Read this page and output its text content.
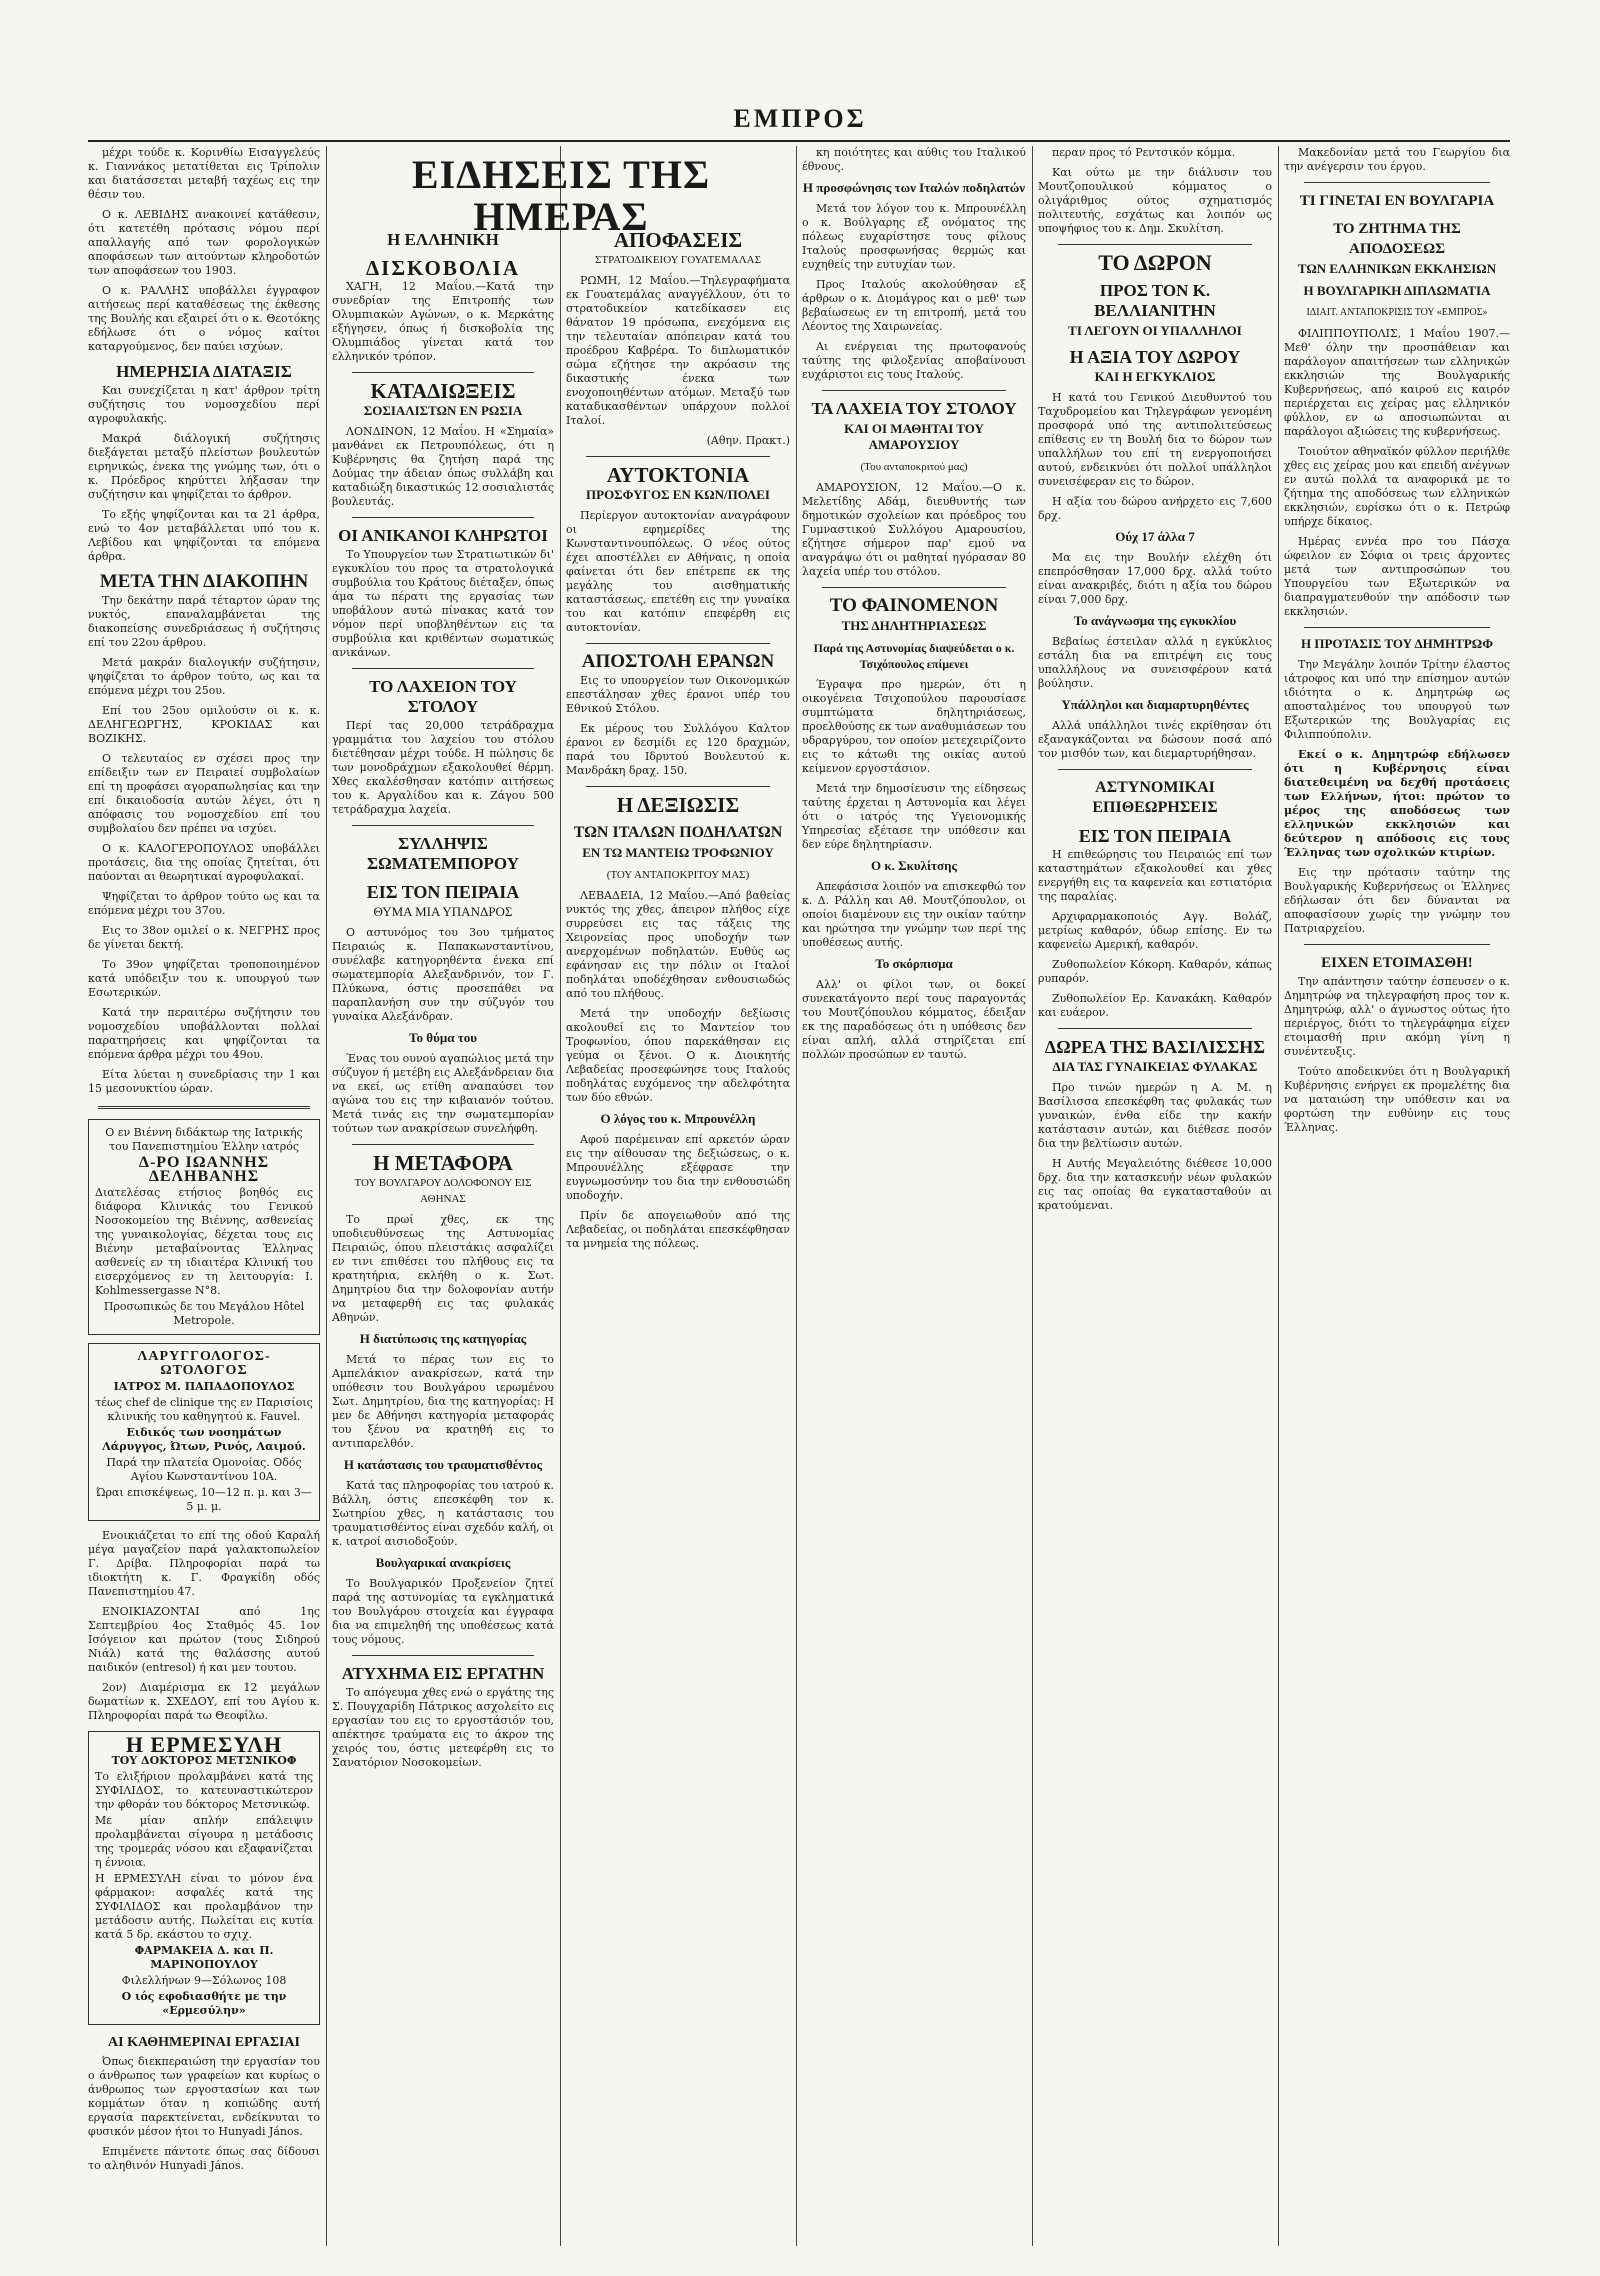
ΕΜΠΡΟΣ

μέχρι τούδε κ. Κορινθίω Εισαγγελεύς κ. Γιαννάκος μετατίθεται εις Τρίπολιν και διατάσσεται μεταβή ταχέως εις την θέσιν του.

Ο κ. ΛΕΒΙΔΗΣ ανακοινεί κατάθεσιν, ότι κατετέθη πρότασις νόμου περί απαλλαγής από των φορολογικών αποφάσεων των αιτούντων κληροδοτών των αποφάσεων του 1903.

Ο κ. ΡΑΛΛΗΣ υποβάλλει έγγραφον αιτήσεως περί καταθέσεως της έκθεσης της Βουλής και εξαιρεί ότι ο κ. Θεοτόκης εδήλωσε ότι ο νόμος καίτοι καταργούμενος, δεν παύει ισχύων.

ΗΜΕΡΗΣΙΑ ΔΙΑΤΑΞΙΣ

Και συνεχίζεται η κατ' άρθρον τρίτη συζήτησις του νομοσχεδίου περί αγροφυλακής.

Μακρά διάλογική συζήτησις διεξάγεται μεταξύ πλείστων βουλευτών ειρηνικώς, ένεκα της γνώμης των, ότι ο κ. Πρόεδρος κηρύττει λήξασαν την συζήτησιν και ψηφίζεται το άρθρον.

Το εξής ψηφίζονται και τα 21 άρθρα, ενώ το 4ον μεταβάλλεται υπό του κ. Λεβίδου και ψηφίζονται τα επόμενα άρθρα.

ΜΕΤΑ ΤΗΝ ΔΙΑΚΟΠΗΝ

Την δεκάτην παρά τέταρτον ώραν της νυκτός, επαναλαμβάνεται της διακοπείσης συνεδριάσεως ή συζήτησις επί του 22ου άρθρου.

Μετά μακράν διαλογικήν συζήτησιν, ψηφίζεται το άρθρον τούτο, ως και τα επόμενα μέχρι του 25ου.

Επί του 25ου ομιλούσιν οι κ. κ. ΔΕΛΗΓΕΩΡΓΗΣ, ΚΡΟΚΙΔΑΣ και ΒΟΖΙΚΗΣ.

Ο τελευταίος εν σχέσει προς την επίδειξιν των εν Πειραιεί συμβολαίων επί τη προφάσει αγοραπωλησίας και την επί δικαιοδοσία αυτών λέγει, ότι η απόφασις του νομοσχεδίου επί του συμβολαίου δεν πρέπει να ισχύει.

Ο κ. ΚΑΛΟΓΕΡΟΠΟΥΛΟΣ υποβάλλει προτάσεις, δια της οποίας ζητείται, ότι παύονται αι θεωρητικαί αγροφυλακαί.

Ψηφίζεται το άρθρον τούτο ως και τα επόμενα μέχρι του 37ου.

Εις το 38ον ομιλεί ο κ. ΝΕΓΡΗΣ προς δε γίνεται δεκτή.

Το 39ον ψηφίζεται τροποποιημένον κατά υπόδειξιν του κ. υπουργού των Εσωτερικών.

Κατά την περαιτέρω συζήτησιν του νομοσχεδίου υποβάλλονται πολλαί παρατηρήσεις και ψηφίζονται τα επόμενα άρθρα μέχρι του 49ου.

Είτα λύεται η συνεδρίασις την 1 και 15 μεσονυκτίου ώραν.

Ο εν Βιέννη διδάκτωρ της Ιατρικής του Πανεπιστημίου Έλλην ιατρός
Δ-ΡΟ ΙΩΑΝΝΗΣ ΔΕΛΗΒΑΝΗΣ
Διατελέσας ετήσιος βοηθός εις διάφορα Κλινικάς του Γενικού Νοσοκομείου της Βιέννης, ασθενείας της γυναικολογίας, δέχεται τους εις Βιένην μεταβαίνοντας Έλληνας ασθενείς εν τη ιδιαιτέρα Κλινική του εισερχόμενος εν τη λειτουργία: I. Kohlmessergasse N°8.
Προσωπικώς δε του Μεγάλου Hôtel Metropole.
ΛΑΡΥΓΓΟΛΟΓΟΣ-ΩΤΟΛΟΓΟΣ
ΙΑΤΡΟΣ Μ. ΠΑΠΑΔΟΠΟΥΛΟΣ
τέως chef de clinique της εν Παρισίοις κλινικής του καθηγητού κ. Fauvel.
Ειδικός των νοσημάτων Λάρυγγος, Ώτων, Ρινός, Λαιμού.
Παρά την πλατεία Ομονοίας. Οδός Αγίου Κωνσταντίνου 10Α.
Ώραι επισκέψεως, 10—12 π. μ. και 3—5 μ. μ.

Ενοικιάζεται το επί της οδού Καραλή μέγα μαγαζείον παρά γαλακτοπωλείον Γ. Δρίβα. Πληροφορίαι παρά τω ιδιοκτήτη κ. Γ. Φραγκίδη οδός Πανεπιστημίου 47.

ΕΝΟΙΚΙΑΖΟΝΤΑΙ από 1ης Σεπτεμβρίου 4ος Σταθμός 45. 1ον Ισόγειον και πρώτον (τους Σιδηρού Νιάλ) κατά της θαλάσσης αυτού παιδικόν (entresol) ή και μεν τουτου.

2ον) Διαμέρισμα εκ 12 μεγάλων δωματίων κ. ΣΧΕΔΟΥ, επί του Αγίου κ. Πληροφορίαι παρά τω Θεοφίλω.

Η ΕΡΜΕΣΥΛΗ
ΤΟΥ ΔΟΚΤΟΡΟΣ ΜΕΤΣΝΙΚΟΦ
Το ελιξήριον προλαμβάνει κατά της ΣΥΦΙΛΙΔΟΣ, το κατευναστικώτερον την φθοράν του δόκτορος Μετσνικώφ.
Με μίαν απλήν επάλειψιν προλαμβάνεται σίγουρα η μετάδοσις της τρομεράς νόσου και εξαφανίζεται η έννοια.
Η ΕΡΜΕΣΥΛΗ είναι το μόνον ένα φάρμακον: ασφαλές κατά της ΣΥΦΙΛΙΔΟΣ και προλαμβάνον την μετάδοσιν αυτής. Πωλείται εις κυτία κατά 5 δρ. εκάστου το σχιχ.
ΦΑΡΜΑΚΕΙΑ Δ. και Π. ΜΑΡΙΝΟΠΟΥΛΟΥ
Φιλελλήνων 9—Σόλωνος 108
Ο ιός εφοδιασθήτε με την «Ερμεσύλην»
ΑΙ ΚΑΘΗΜΕΡΙΝΑΙ ΕΡΓΑΣΙΑΙ

Όπως διεκπεραιώση την εργασίαν του ο άνθρωπος των γραφείων και κυρίως ο άνθρωπος των εργοστασίων και των κομμάτων όταν η κοπιώδης αυτή εργασία παρεκτείνεται, ενδείκνυται το φυσικόν μέσον ήτοι το Hunyadi János.

Επιμένετε πάντοτε όπως σας δίδουσι το αληθινόν Hunyadi János.

ΕΙΔΗΣΕΙΣ ΤΗΣ ΗΜΕΡΑΣ
Η ΕΛΛΗΝΙΚΗ
ΔΙΣΚΟΒΟΛΙΑ

ΧΑΓΗ, 12 Μαΐου.—Κατά την συνεδρίαν της Επιτροπής των Ολυμπιακών Αγώνων, ο κ. Μερκάτης εξήγησεν, όπως ή δισκοβολία της Ολυμπιάδος γίνεται κατά τον ελληνικόν τρόπον.

ΚΑΤΑΔΙΩΞΕΙΣ
ΣΟΣΙΑΛΙΣΤΩΝ ΕΝ ΡΩΣΙΑ

ΛΟΝΔΙΝΟΝ, 12 Μαΐου. Η «Σημαία» μανθάνει εκ Πετρουπόλεως, ότι η Κυβέρνησις θα ζητήση παρά της Δούμας την άδειαν όπως συλλάβη και καταδιώξη δικαστικώς 12 σοσιαλιστάς βουλευτάς.

ΟΙ ΑΝΙΚΑΝΟΙ ΚΛΗΡΩΤΟΙ

Το Υπουργείον των Στρατιωτικών δι' εγκυκλίου του προς τα στρατολογικά συμβούλια του Κράτους διέταξεν, όπως άμα τω πέρατι της εργασίας των υποβάλουν αυτώ πίνακας κατά τον νόμον περί υποβληθέντων εις τα συμβούλια και κριθέντων σωματικώς ανικάνων.

ΤΟ ΛΑΧΕΙΟΝ ΤΟΥ ΣΤΟΛΟΥ

Περί τας 20,000 τετράδραχμα γραμμάτια του λαχείου του στόλου διετέθησαν μέχρι τούδε. Η πώλησις δε των μονοδράχμων εξακολουθεί θέρμη. Χθες εκαλέσθησαν κατόπιν αιτήσεως του κ. Αργαλίδου και κ. Ζάγου 500 τετράδραχμα λαχεία.

ΣΥΛΛΗΨΙΣ ΣΩΜΑΤΕΜΠΟΡΟΥ
ΕΙΣ ΤΟΝ ΠΕΙΡΑΙΑ
ΘΥΜΑ ΜΙΑ ΥΠΑΝΔΡΟΣ

Ο αστυνόμος του 3ου τμήματος Πειραιώς κ. Παπακωνσταντίνου, συνέλαβε κατηγορηθέντα ένεκα επί σωματεμπορία Αλεξανδρινόν, τον Γ. Πλύκωνα, όστις προσεπάθει να παραπλανήση συν την σύζυγόν του γυναίκα Αλεξάνδραν.

Το θύμα του

Ένας του ουνού αγαπώλιος μετά την σύζυγον ή μετέβη εις Αλεξάνδρειαν δια να εκεί, ως ετίθη αναπαύσει τον αγώνα του εις την κιβαιανόν τούτου. Μετά τινάς εις την σωματεμπορίαν τούτων των ανακρίσεων συνελήφθη.

Η ΜΕΤΑΦΟΡΑ
ΤΟΥ ΒΟΥΛΓΑΡΟΥ ΔΟΛΟΦΟΝΟΥ ΕΙΣ ΑΘΗΝΑΣ

Το πρωί χθες, εκ της υποδιευθύνσεως της Αστυνομίας Πειραιώς, όπου πλειστάκις ασφαλίζει εν τινι επιθέσει του πλήθους εις τα κρατητήρια, εκλήθη ο κ. Σωτ. Δημητρίου δια την δολοφονίαν αυτήν να μεταφερθή εις τας φυλακάς Αθηνών.

Η διατύπωσις της κατηγορίας

Μετά το πέρας των εις το Αμπελάκιον ανακρίσεων, κατά την υπόθεσιν του Βουλγάρου ιερωμένου Σωτ. Δημητρίου, δια της κατηγορίας: Η μεν δε Αθήνησι κατηγορία μεταφοράς του ξένου να κρατηθή εις το αντιπαρελθόν.

Η κατάστασις του τραυματισθέντος

Κατά τας πληροφορίας του ιατρού κ. Βάλλη, όστις επεσκέφθη τον κ. Σωτηρίου χθες, η κατάστασις του τραυματισθέντος είναι σχεδόν καλή, οι κ. ιατροί αισιοδοξούν.

Βουλγαρικαί ανακρίσεις

Το Βουλγαρικόν Προξενείον ζητεί παρά της αστυνομίας τα εγκληματικά του Βουλγάρου στοιχεία και έγγραφα δια να επιμεληθή της υποθέσεως κατά τους νόμους.

ΑΤΥΧΗΜΑ ΕΙΣ ΕΡΓΑΤΗΝ

Το απόγευμα χθες ενώ ο εργάτης της Σ. Πουγχαρίδη Πάτρικος ασχολείτο εις εργασίαν του εις το εργοστάσιόν του, απέκτησε τραύματα εις το άκρον της χειρός του, όστις μετεφέρθη εις το Σανατόριον Νοσοκομείων.

ΑΠΟΦΑΣΕΙΣ
ΣΤΡΑΤΟΔΙΚΕΙΟΥ ΓΟΥΑΤΕΜΑΛΑΣ

ΡΩΜΗ, 12 Μαΐου.—Τηλεγραφήματα εκ Γουατεμάλας αναγγέλλουν, ότι το στρατοδικείον κατεδίκασεν εις θάνατον 19 πρόσωπα, ενεχόμενα εις την τελευταίαν απόπειραν κατά του προέδρου Καβρέρα. Το διπλωματικόν σώμα εζήτησε την ακρόασιν της δικαστικής ένεκα των ενοχοποιηθέντων ατόμων. Μεταξύ των καταδικασθέντων υπάρχουν πολλοί Ιταλοί.

(Αθην. Πρακτ.)

ΑΥΤΟΚΤΟΝΙΑ
ΠΡΟΣΦΥΓΟΣ ΕΝ ΚΩΝ/ΠΟΛΕΙ

Περίεργον αυτοκτονίαν αναγράφουν οι εφημερίδες της Κωνσταντινουπόλεως. Ο νέος ούτος έχει αποστέλλει εν Αθήναις, η οποία φαίνεται ότι δεν επέτρεπε εκ της μεγάλης του αισθηματικής καταστάσεως, επετέθη εις την γυναίκα του και κατόπιν επεφέρθη εις αυτοκτονίαν.

ΑΠΟΣΤΟΛΗ ΕΡΑΝΩΝ

Εις το υπουργείον των Οικονομικών επεστάλησαν χθες έρανοι υπέρ του Εθνικού Στόλου.

Εκ μέρους του Συλλόγου Καλτον έρανοι εν δεσμίδι ες 120 δραχμών, παρά του Ιδρυτού Βουλευτού κ. Μανδράκη δραχ. 150.

Η ΔΕΞΙΩΣΙΣ
ΤΩΝ ΙΤΑΛΩΝ ΠΟΔΗΛΑΤΩΝ
ΕΝ ΤΩ ΜΑΝΤΕΙΩ ΤΡΟΦΩΝΙΟΥ
(ΤΟΥ ΑΝΤΑΠΟΚΡΙΤΟΥ ΜΑΣ)

ΛΕΒΑΔΕΙΑ, 12 Μαΐου.—Από βαθείας νυκτός της χθες, άπειρον πλήθος είχε συρρεύσει εις τας τάξεις της Χειρονείας προς υποδοχήν των ανερχομένων ποδηλατών. Ευθύς ως εφάνησαν εις την πόλιν οι Ιταλοί ποδηλάται υποδέχθησαν ενθουσιωδώς από του πλήθους.

Μετά την υποδοχήν δεξίωσις ακολουθεί εις το Μαντείον του Τροφωνίου, όπου παρεκάθησαν εις γεύμα οι ξένοι. Ο κ. Διοικητής Λεβαδείας προσεφώνησε τους Ιταλούς ποδηλάτας ευχόμενος την αδελφότητα των δύο εθνών.

Ο λόγος του κ. Μπρουνέλλη

Αφού παρέμειναν επί αρκετόν ώραν εις την αίθουσαν της δεξιώσεως, ο κ. Μπρουνέλλης εξέφρασε την ευγνωμοσύνην του δια την ενθουσιώδη υποδοχήν.

Πρίν δε απογειωθούν από της Λεβαδείας, οι ποδηλάται επεσκέφθησαν τα μνημεία της πόλεως.

κη ποιότητες και αύθις του Ιταλικού έθνους.

Η προσφώνησις των Ιταλών ποδηλατών

Μετά τον λόγον του κ. Μπρουνέλλη ο κ. Βούλγαρης εξ ονόματος της πόλεως ευχαρίστησε τους φίλους Ιταλούς προσφωνήσας θερμώς και ευχηθείς την ευτυχίαν των.

Προς Ιταλούς ακολούθησαν εξ άρθρων ο κ. Διομάγρος και ο μεθ' των βεβαίωσεως εν τη επιτροπή, μετά του Λέοντος της Χαιρωνείας.

Αι ενέργειαι της πρωτοφανούς ταύτης της φιλοξενίας αποβαίνουσι ευχάριστοι εις τους Ιταλούς.

ΤΑ ΛΑΧΕΙΑ ΤΟΥ ΣΤΟΛΟΥ
ΚΑΙ ΟΙ ΜΑΘΗΤΑΙ ΤΟΥ ΑΜΑΡΟΥΣΙΟΥ
(Του ανταποκριτού μας)

ΑΜΑΡΟΥΣΙΟΝ, 12 Μαΐου.—Ο κ. Μελετίδης Αδάμ, διευθυντής των δημοτικών σχολείων και πρόεδρος του Γυμναστικού Συλλόγου Αμαρουσίου, εζήτησε σήμερον παρ' εμού να αναγράψω ότι οι μαθηταί ηγόρασαν 80 λαχεία υπέρ του στόλου.

ΤΟ ΦΑΙΝΟΜΕΝΟΝ
ΤΗΣ ΔΗΛΗΤΗΡΙΑΣΕΩΣ
Παρά της Αστυνομίας διαψεύδεται ο κ. Τσιχόπουλος επίμενει

Έγραψα προ ημερών, ότι η οικογένεια Τσιχοπούλου παρουσίασε συμπτώματα δηλητηριάσεως, προελθούσης εκ των αναθυμιάσεων του υδραργύρου, τον οποίον μετεχειρίζοντο εις το κάτωθι της οικίας αυτού κείμενον εργοστάσιον.

Μετά την δημοσίευσιν της είδησεως ταύτης έρχεται η Αστυνομία και λέγει ότι ο ιατρός της Υγειονομικής Υπηρεσίας εξέτασε την υπόθεσιν και δεν εύρε δηλητηρίασιν.

Ο κ. Σκυλίτσης

Απεφάσισα λοιπόν να επισκεφθώ τον κ. Δ. Ράλλη και Αθ. Μουτζόπουλον, οι οποίοι διαμένουν εις την οικίαν ταύτην και ηρώτησα την γνώμην των περί της υποθέσεως αυτής.

Το σκόρπισμα

Αλλ' οι φίλοι των, οι δοκεί συνεκατάγοντο περί τους παραγοντάς του Μουτζόπουλου κόμματος, έδειξαν εκ της παραδόσεως ότι η υπόθεσις δεν είναι απλή, αλλά στηρίζεται επί πολλών προσώπων εν ταυτώ.

περαν προς τό Ρεντσικόν κόμμα.

Και ούτω με την διάλυσιν του Μουτζοπουλικού κόμματος ο ολιγάριθμος ούτος σχηματισμός πολιτευτής, εσχάτως και λοιπόν ως υποψήφιος του κ. Δημ. Σκυλίτση.

ΤΟ ΔΩΡΟΝ
ΠΡΟΣ ΤΟΝ Κ. ΒΕΛΛΙΑΝΙΤΗΝ
ΤΙ ΛΕΓΟΥΝ ΟΙ ΥΠΑΛΛΗΛΟΙ
Η ΑΞΙΑ ΤΟΥ ΔΩΡΟΥ
ΚΑΙ Η ΕΓΚΥΚΛΙΟΣ

Η κατά του Γενικού Διευθυντού του Ταχυδρομείου και Τηλεγράφων γενομένη προσφορά υπό της αντιπολιτεύσεως επίθεσις εν τη Βουλή δια το δώρον των υπαλλήλων του επί τη ενεργοποιήσει αυτού, ενδεικνύει ότι πολλοί υπάλληλοι συνεισέφεραν εις το δώρον.

Η αξία του δώρου ανήρχετο εις 7,600 δρχ.

Ούχ 17 άλλα 7

Μα εις την Βουλήν ελέχθη ότι επεπρόσθησαν 17,000 δρχ. αλλά τούτο είναι ανακριβές, διότι η αξία του δώρου είναι 7,000 δρχ.

Το ανάγνωσμα της εγκυκλίου

Βεβαίως έστειλαν αλλά η εγκύκλιος εστάλη δια να επιτρέψη εις τους υπαλλήλους να συνεισφέρουν κατά βούλησιν.

Υπάλληλοι και διαμαρτυρηθέντες

Αλλά υπάλληλοι τινές εκρίθησαν ότι εξαναγκάζονται να δώσουν ποσά από τον μισθόν των, και διεμαρτυρήθησαν.

ΑΣΤΥΝΟΜΙΚΑΙ ΕΠΙΘΕΩΡΗΣΕΙΣ
ΕΙΣ ΤΟΝ ΠΕΙΡΑΙΑ

Η επιθεώρησις του Πειραιώς επί των καταστημάτων εξακολουθεί και χθες ενεργήθη εις τα καφενεία και εστιατόρια της παραλίας.

Αρχιφαρμακοποιός Αγγ. Βολάζ, μετρίως καθαρόν, ύδωρ επίσης. Εν τω καφενείω Αμερική, καθαρόν.

Ζυθοπωλείον Κόκορη. Καθαρόν, κάπως ρυπαρόν.

Ζυθοπωλείον Ερ. Κανακάκη. Καθαρόν και ευάερον.

ΔΩΡΕΑ ΤΗΣ ΒΑΣΙΛΙΣΣΗΣ
ΔΙΑ ΤΑΣ ΓΥΝΑΙΚΕΙΑΣ ΦΥΛΑΚΑΣ

Προ τινών ημερών η Α. Μ. η Βασίλισσα επεσκέφθη τας φυλακάς των γυναικών, ένθα είδε την κακήν κατάστασιν αυτών, και διέθεσε ποσόν δια την βελτίωσιν αυτών.

Η Αυτής Μεγαλειότης διέθεσε 10,000 δρχ. δια την κατασκευήν νέων φυλακών εις τας οποίας θα εγκατασταθούν αι κρατούμεναι.

Μακεδονίαν μετά του Γεωργίου δια την ανέγερσιν του έργου.

ΤΙ ΓΙΝΕΤΑΙ ΕΝ ΒΟΥΛΓΑΡΙΑ
ΤΟ ΖΗΤΗΜΑ ΤΗΣ ΑΠΟΔΟΣΕΩΣ
ΤΩΝ ΕΛΛΗΝΙΚΩΝ ΕΚΚΛΗΣΙΩΝ
Η ΒΟΥΛΓΑΡΙΚΗ ΔΙΠΛΩΜΑΤΙΑ
ΙΔΙΑΙΤ. ΑΝΤΑΠΟΚΡΙΣΙΣ ΤΟΥ «ΕΜΠΡΟΣ»

ΦΙΛΙΠΠΟΥΠΟΛΙΣ, 1 Μαΐου 1907.—Μεθ' όλην την προσπάθειαν και παράλογον απαιτήσεων των ελληνικών εκκλησιών της Βουλγαρικής Κυβερνήσεως, από καιρού εις καιρόν περιέρχεται εις χείρας μας ελληνικόν φύλλον, εν ω αποσιωπώνται αι παράλογοι αξιώσεις της κυβερνήσεως.

Τοιούτον αθηναϊκόν φύλλον περιήλθε χθες εις χείρας μου και επειδή ανέγνων εν αυτώ πολλά τα αναφορικά με το ζήτημα της αποδόσεως των ελληνικών εκκλησιών, ευρίσκω ότι ο κ. Πετρώφ υπήρχε δίκαιος.

Ημέρας εννέα προ του Πάσχα ώφειλον εν Σόφια οι τρεις άρχοντες μετά των αντιπροσώπων του Υπουργείου των Εξωτερικών να διαπραγματευθούν την απόδοσιν των εκκλησιών.

Η ΠΡΟΤΑΣΙΣ ΤΟΥ ΔΗΜΗΤΡΩΦ

Την Μεγάλην λοιπόν Τρίτην έλαστος ιάτροφος και υπό την επίσημον αυτών ιδιότητα ο κ. Δημητρώφ ως αποσταλμένος του υπουργού των Εξωτερικών της Βουλγαρίας εις Φιλιππούπολιν.

Εκεί ο κ. Δημητρώφ εδήλωσεν ότι η Κυβέρνησις είναι διατεθειμένη να δεχθή προτάσεις των Ελλήνων, ήτοι: πρώτον το μέρος της αποδόσεως των ελληνικών εκκλησιών και δεύτερον η απόδοσις εις τους Έλληνας των σχολικών κτιρίων.

Εις την πρότασιν ταύτην της Βουλγαρικής Κυβερνήσεως οι Έλληνες εδήλωσαν ότι δεν δύνανται να αποφασίσουν χωρίς την γνώμην του Πατριαρχείου.

ΕΙΧΕΝ ΕΤΟΙΜΑΣΘΗ!

Την απάντησιν ταύτην έσπευσεν ο κ. Δημητρώφ να τηλεγραφήση προς τον κ. Δημητρώφ, αλλ' ο άγνωστος ούτως ήτο περιέργος, διότι το τηλεγράφημα είχεν ετοιμασθή πριν ακόμη γίνη η συνέντευξις.

Τούτο αποδεικνύει ότι η Βουλγαρική Κυβέρνησις ενήργει εκ προμελέτης δια να ματαιώση την υπόθεσιν και να φορτώση την ευθύνην εις τους Έλληνας.
